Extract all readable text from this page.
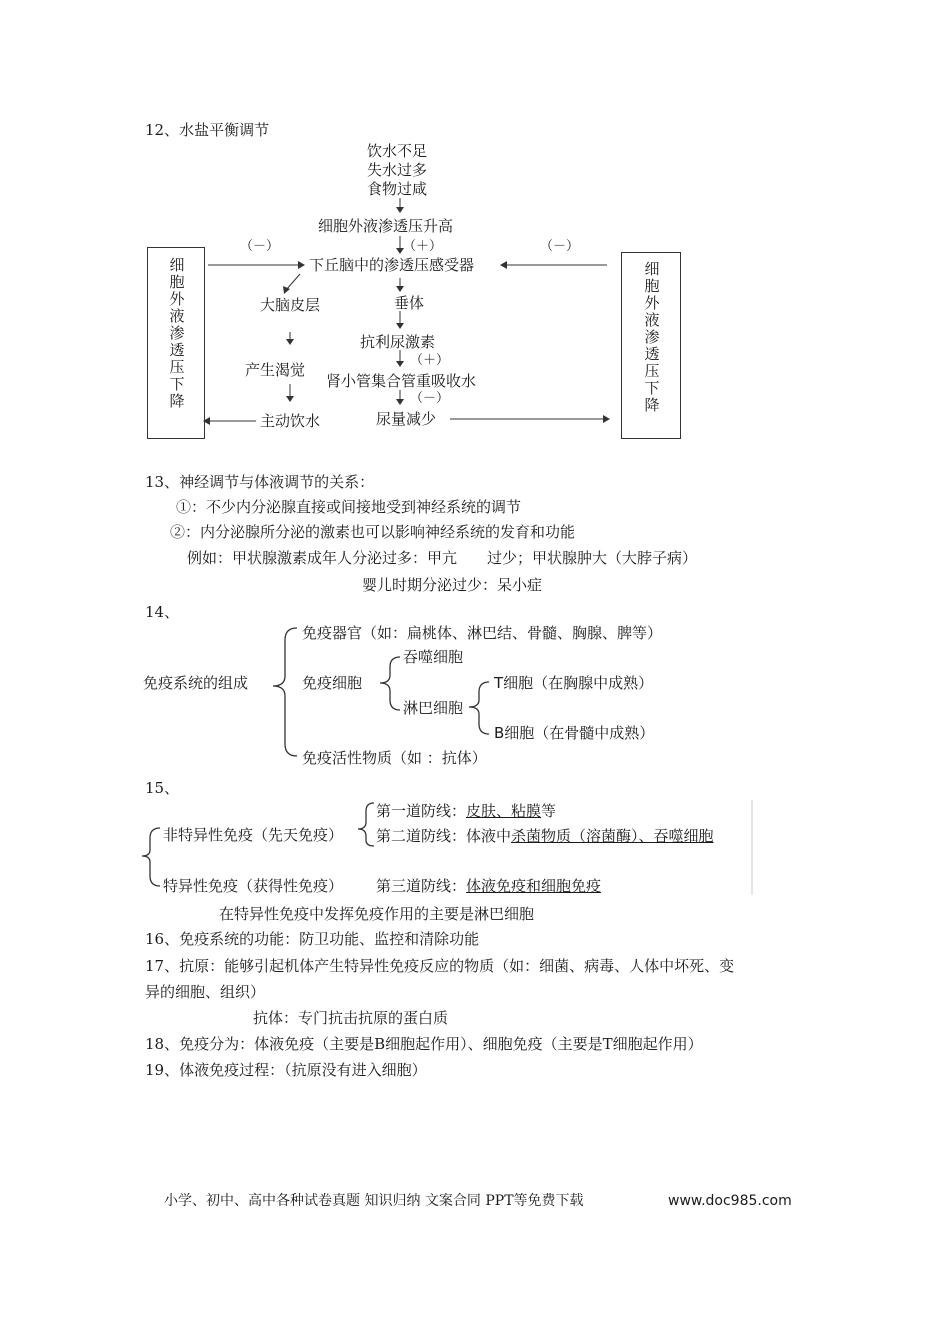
12、水盐平衡调节
饮水不足
失水过多
食物过咸
细胞外液渗透压升高
（－）	（＋）	（－）
下丘脑中的渗透压感受器
大脑皮层	垂体
抗利尿激素
（＋）
产生渴觉
肾小管集合管重吸收水
（－）
主动饮水	尿量减少
细胞外液渗透压下降
细胞外液渗透压下降
13、神经调节与体液调节的关系：
①：不少内分泌腺直接或间接地受到神经系统的调节
②：内分泌腺所分泌的激素也可以影响神经系统的发育和功能
例如：甲状腺激素成年人分泌过多：甲亢　　过少；甲状腺肿大（大脖子病）
婴儿时期分泌过少：呆小症
14、
免疫系统的组成
免疫器官（如：扁桃体、淋巴结、骨髓、胸腺、脾等）
免疫细胞
吞噬细胞
淋巴细胞
T细胞（在胸腺中成熟）
B细胞（在骨髓中成熟）
免疫活性物质（如 ：抗体）
15、
非特异性免疫（先天免疫）
特异性免疫（获得性免疫）
第一道防线：皮肤、粘膜等
第二道防线：体液中杀菌物质（溶菌酶）、吞噬细胞
第三道防线：体液免疫和细胞免疫
在特异性免疫中发挥免疫作用的主要是淋巴细胞
16、免疫系统的功能：防卫功能、监控和清除功能
17、抗原：能够引起机体产生特异性免疫反应的物质（如：细菌、病毒、人体中坏死、变
异的细胞、组织）
抗体：专门抗击抗原的蛋白质
18、免疫分为：体液免疫（主要是B细胞起作用）、细胞免疫（主要是T细胞起作用）
19、体液免疫过程：（抗原没有进入细胞）
小学、初中、高中各种试卷真题 知识归纳 文案合同 PPT等免费下载	www.doc985.com
